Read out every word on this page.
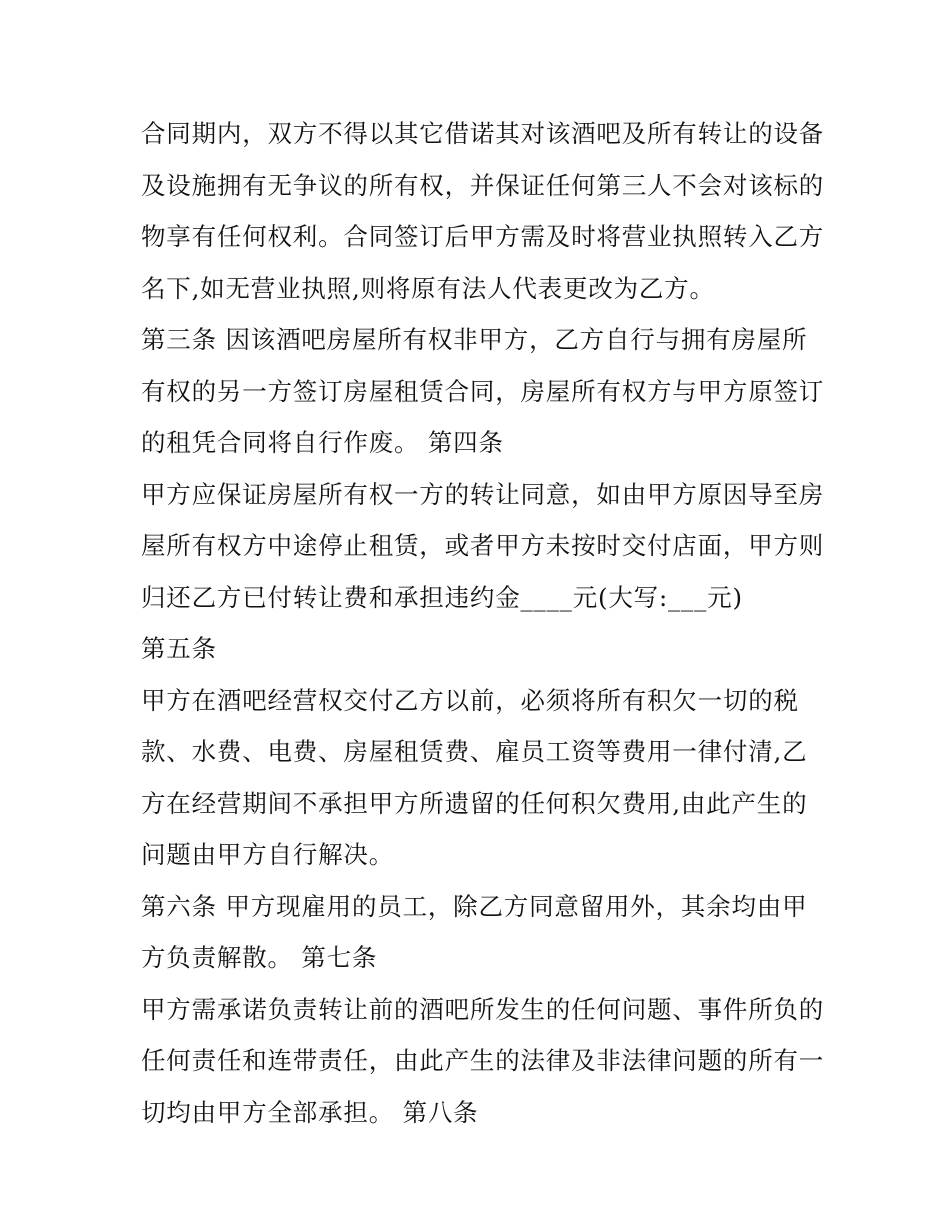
合同期内，双方不得以其它借诺其对该酒吧及所有转让的设备
及设施拥有无争议的所有权，并保证任何第三人不会对该标的
物享有任何权利。合同签订后甲方需及时将营业执照转入乙方
名下,如无营业执照,则将原有法人代表更改为乙方。
第三条 因该酒吧房屋所有权非甲方，乙方自行与拥有房屋所
有权的另一方签订房屋租赁合同，房屋所有权方与甲方原签订
的租凭合同将自行作废。 第四条
甲方应保证房屋所有权一方的转让同意，如由甲方原因导至房
屋所有权方中途停止租赁，或者甲方未按时交付店面，甲方则
归还乙方已付转让费和承担违约金____元(大写:___元)
第五条
甲方在酒吧经营权交付乙方以前，必须将所有积欠一切的税
款、水费、电费、房屋租赁费、雇员工资等费用一律付清,乙
方在经营期间不承担甲方所遗留的任何积欠费用,由此产生的
问题由甲方自行解决。
第六条 甲方现雇用的员工，除乙方同意留用外，其余均由甲
方负责解散。 第七条
甲方需承诺负责转让前的酒吧所发生的任何问题、事件所负的
任何责任和连带责任，由此产生的法律及非法律问题的所有一
切均由甲方全部承担。 第八条
